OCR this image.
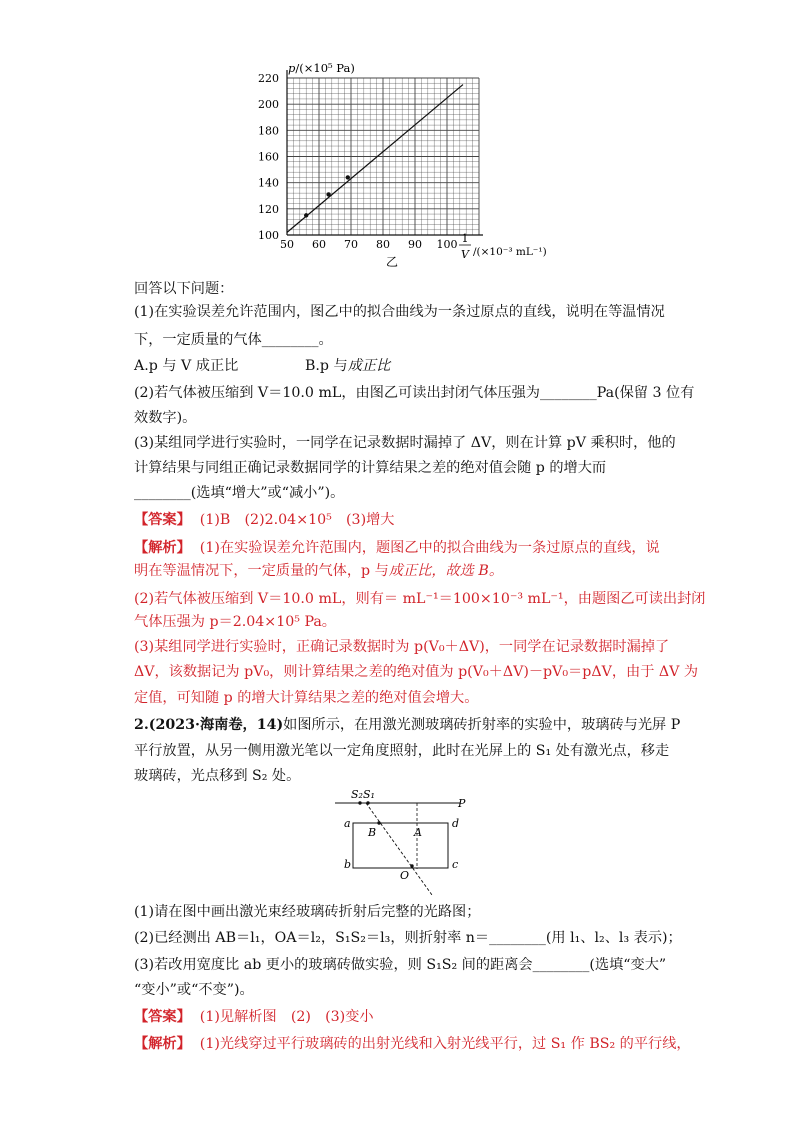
50 60 70 80 90 100
100
120
140
160
180
200
220
p/(×10⁵ Pa)
1
V /(×10⁻³ mL⁻¹)
乙
回答以下问题：
(1)在实验误差允许范围内，图乙中的拟合曲线为一条过原点的直线，说明在等温情况
下，一定质量的气体________。
A.p 与 V 成正比	B.p 与成正比
(2)若气体被压缩到 V＝10.0 mL，由图乙可读出封闭气体压强为________Pa(保留 3 位有
效数字)。
(3)某组同学进行实验时，一同学在记录数据时漏掉了 ΔV，则在计算 pV 乘积时，他的
计算结果与同组正确记录数据同学的计算结果之差的绝对值会随 p 的增大而
________(选填“增大”或“减小”)。
【答案】 (1)B　(2)2.04×10⁵　(3)增大
【解析】 (1)在实验误差允许范围内，题图乙中的拟合曲线为一条过原点的直线，说
明在等温情况下，一定质量的气体，p 与成正比，故选 B。
(2)若气体被压缩到 V＝10.0 mL，则有＝ mL⁻¹＝100×10⁻³ mL⁻¹，由题图乙可读出封闭
气体压强为 p＝2.04×10⁵ Pa。
(3)某组同学进行实验时，正确记录数据时为 p(V₀＋ΔV)，一同学在记录数据时漏掉了
ΔV，该数据记为 pV₀，则计算结果之差的绝对值为 p(V₀＋ΔV)－pV₀＝pΔV，由于 ΔV 为
定值，可知随 p 的增大计算结果之差的绝对值会增大。
2.(2023·海南卷，14)如图所示，在用激光测玻璃砖折射率的实验中，玻璃砖与光屏 P
平行放置，从另一侧用激光笔以一定角度照射，此时在光屏上的 S₁ 处有激光点，移走
玻璃砖，光点移到 S₂ 处。
S₂ S₁
P
a	d
b	c
B	A
O
(1)请在图中画出激光束经玻璃砖折射后完整的光路图；
(2)已经测出 AB＝l₁，OA＝l₂，S₁S₂＝l₃，则折射率 n＝________(用 l₁、l₂、l₃ 表示)；
(3)若改用宽度比 ab 更小的玻璃砖做实验，则 S₁S₂ 间的距离会________(选填“变大”
“变小”或“不变”)。
【答案】 (1)见解析图　(2)　(3)变小
【解析】 (1)光线穿过平行玻璃砖的出射光线和入射光线平行，过 S₁ 作 BS₂ 的平行线，
